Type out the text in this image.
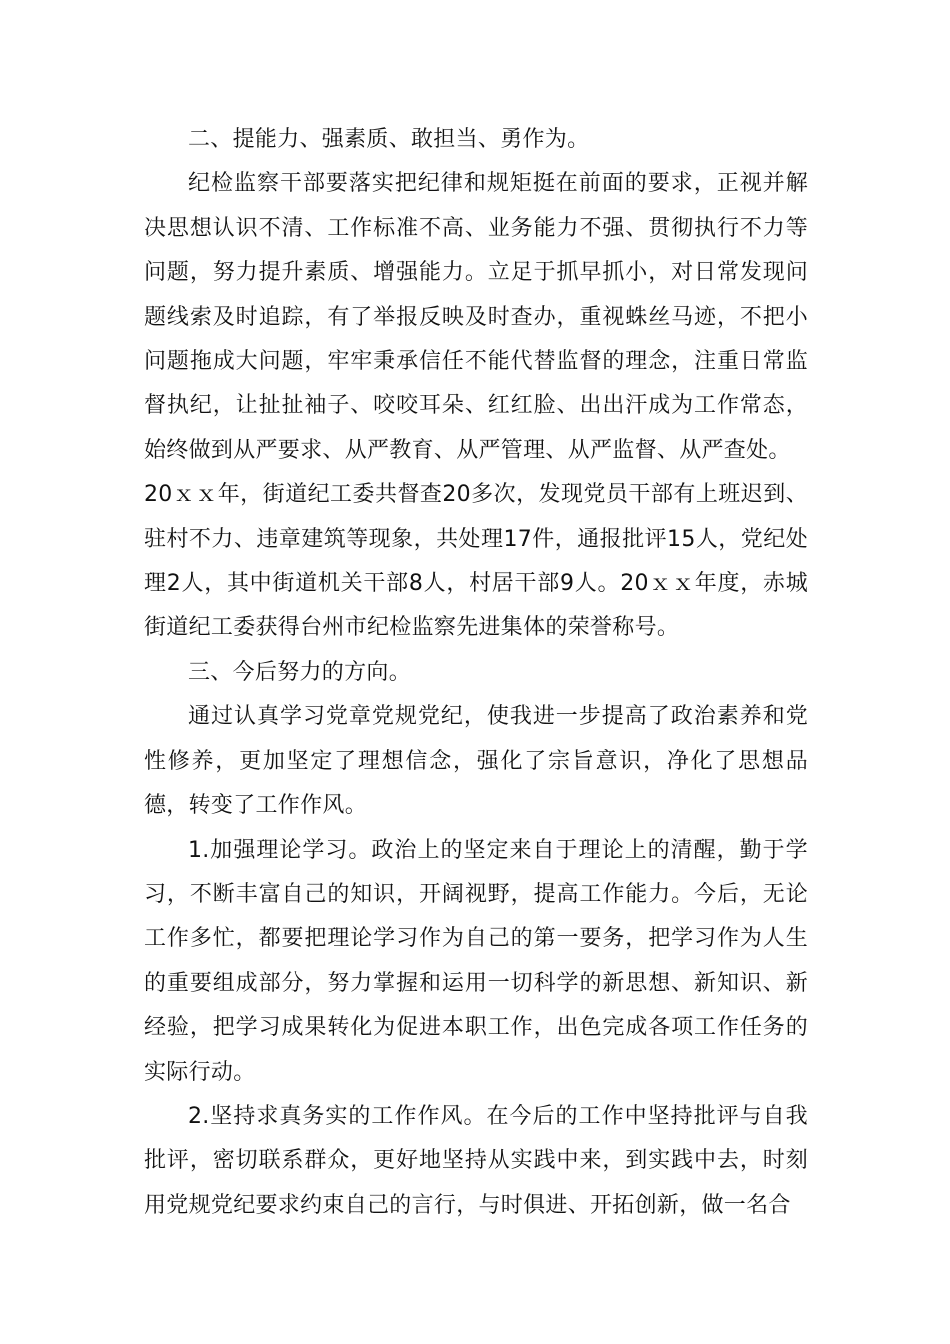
二、提能力、强素质、敢担当、勇作为。

纪检监察干部要落实把纪律和规矩挺在前面的要求，正视并解决思想认识不清、工作标准不高、业务能力不强、贯彻执行不力等问题，努力提升素质、增强能力。立足于抓早抓小，对日常发现问题线索及时追踪，有了举报反映及时查办，重视蛛丝马迹，不把小问题拖成大问题，牢牢秉承信任不能代替监督的理念，注重日常监督执纪，让扯扯袖子、咬咬耳朵、红红脸、出出汗成为工作常态，始终做到从严要求、从严教育、从严管理、从严监督、从严查处。

20ｘｘ年，街道纪工委共督查20多次，发现党员干部有上班迟到、驻村不力、违章建筑等现象，共处理17件，通报批评15人，党纪处理2人，其中街道机关干部8人，村居干部9人。20ｘｘ年度，赤城街道纪工委获得台州市纪检监察先进集体的荣誉称号。

三、今后努力的方向。

通过认真学习党章党规党纪，使我进一步提高了政治素养和党性修养，更加坚定了理想信念，强化了宗旨意识，净化了思想品德，转变了工作作风。

1.加强理论学习。政治上的坚定来自于理论上的清醒，勤于学习，不断丰富自己的知识，开阔视野，提高工作能力。今后，无论工作多忙，都要把理论学习作为自己的第一要务，把学习作为人生的重要组成部分，努力掌握和运用一切科学的新思想、新知识、新经验，把学习成果转化为促进本职工作，出色完成各项工作任务的实际行动。

2.坚持求真务实的工作作风。在今后的工作中坚持批评与自我批评，密切联系群众，更好地坚持从实践中来，到实践中去，时刻用党规党纪要求约束自己的言行，与时俱进、开拓创新，做一名合
